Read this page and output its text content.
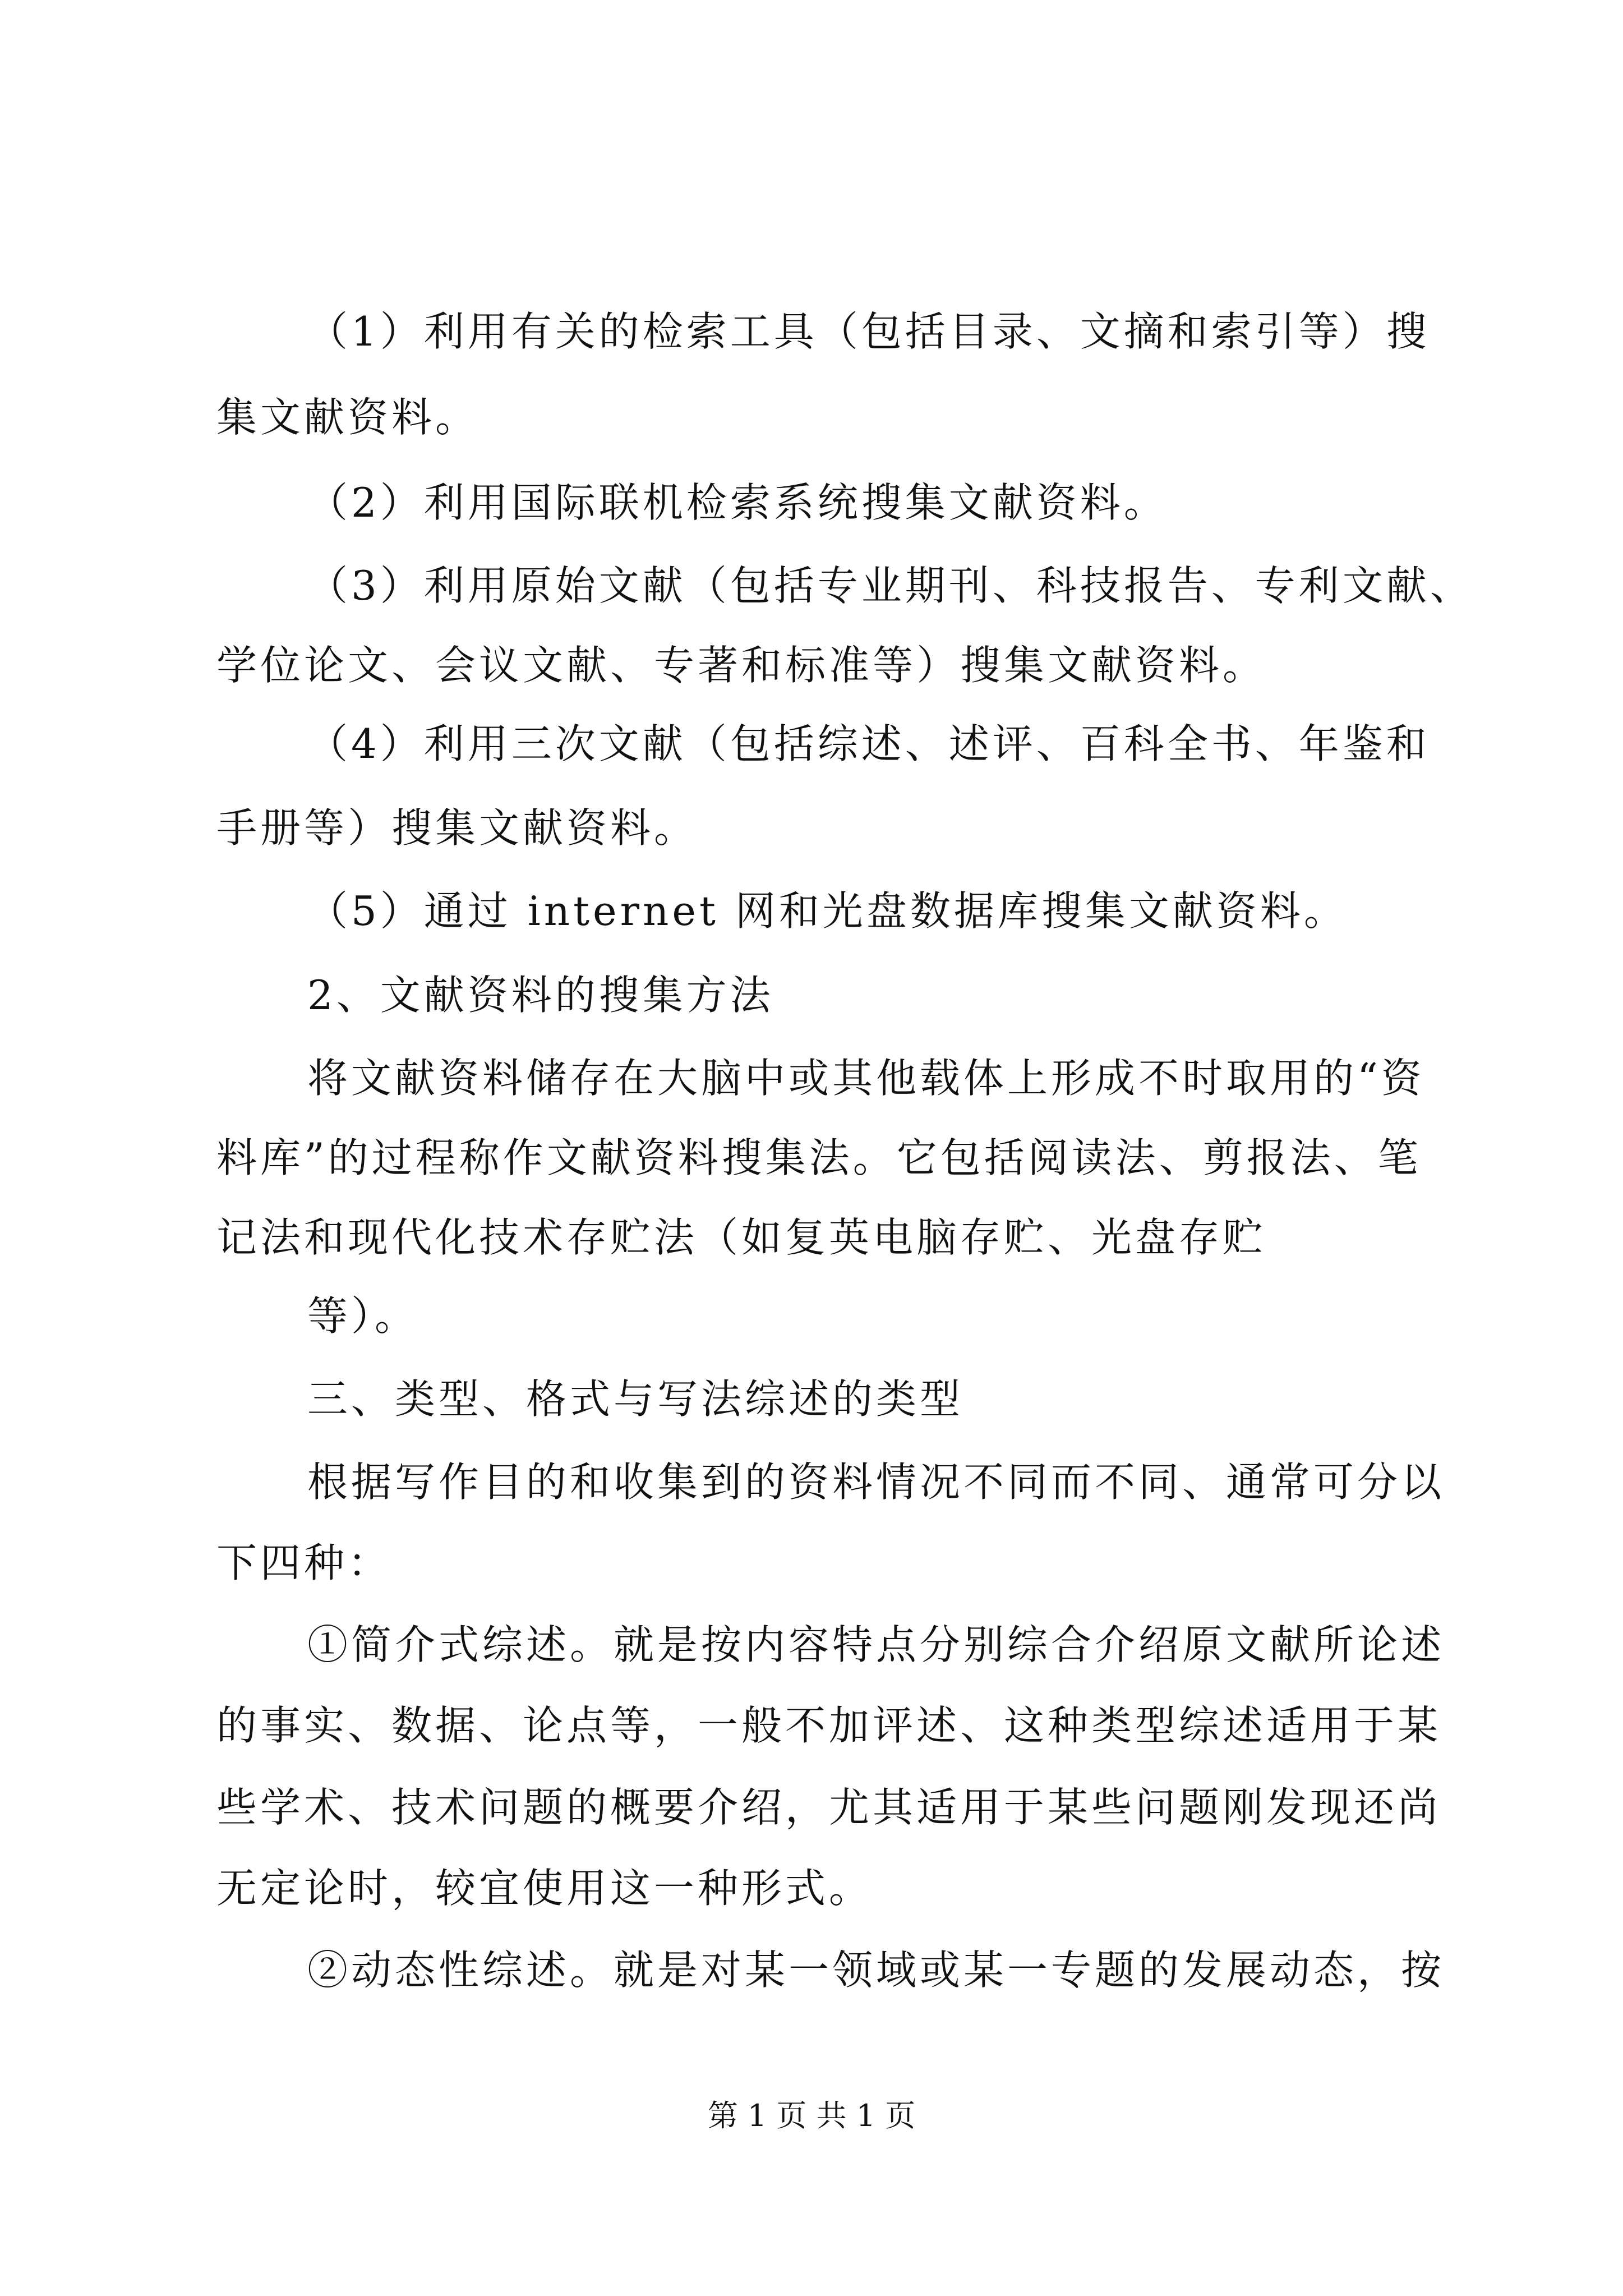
（1）利用有关的检索工具（包括目录、文摘和索引等）搜
集文献资料。
（2）利用国际联机检索系统搜集文献资料。
（3）利用原始文献（包括专业期刊、科技报告、专利文献、
学位论文、会议文献、专著和标准等）搜集文献资料。
（4）利用三次文献（包括综述、述评、百科全书、年鉴和
手册等）搜集文献资料。
（5）通过 internet 网和光盘数据库搜集文献资料。
2、文献资料的搜集方法
将文献资料储存在大脑中或其他载体上形成不时取用的“资
料库”的过程称作文献资料搜集法。它包括阅读法、剪报法、笔
记法和现代化技术存贮法（如复英电脑存贮、光盘存贮
等）。
三、类型、格式与写法综述的类型
根据写作目的和收集到的资料情况不同而不同、通常可分以
下四种：
①简介式综述。就是按内容特点分别综合介绍原文献所论述
的事实、数据、论点等，一般不加评述、这种类型综述适用于某
些学术、技术问题的概要介绍，尤其适用于某些问题刚发现还尚
无定论时，较宜使用这一种形式。
②动态性综述。就是对某一领域或某一专题的发展动态，按
第 1 页 共 1 页
